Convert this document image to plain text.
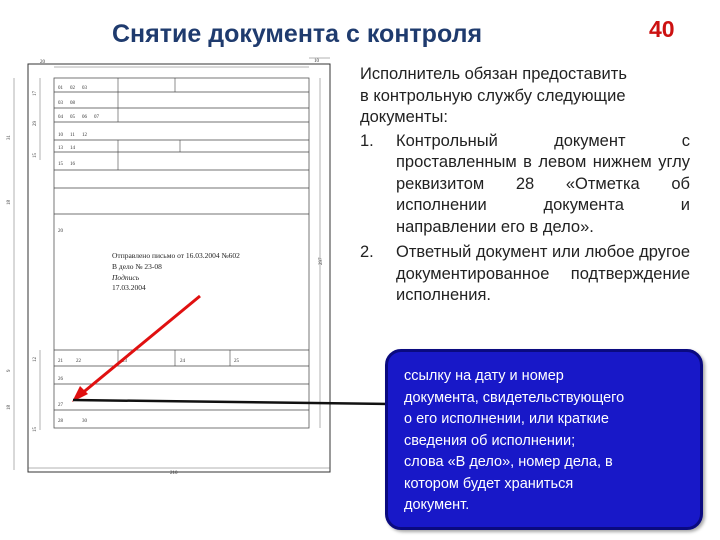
Снятие документа с контроля	40
20	10
210
297
17
29
31
18
15
12
9
18
15
01 02 03
03 08
04 05 06 07
10 11 12
13 14
15 16
20
21	22	23	24	25
26
27
28	30
Отправлено письмо от 16.03.2004 №602
В дело № 23-08
Подпись
17.03.2004
Исполнитель обязан предоставить
в контрольную службу следующие
документы:
1. Контрольный документ с проставленным в левом нижнем углу реквизитом 28 «Отметка об исполнении документа и направлении его в дело».
2. Ответный документ или любое другое документированное подтверждение исполнения.
ссылку на дату и номер
документа, свидетельствующего
о его исполнении, или краткие
сведения об исполнении;
слова «В дело», номер дела, в
котором будет храниться
документ.
